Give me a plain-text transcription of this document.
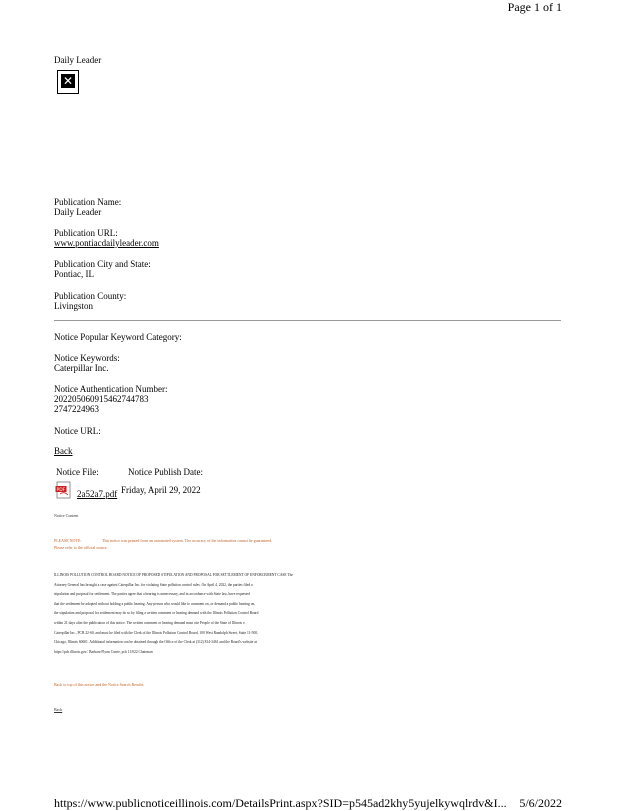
Page 1 of 1
Daily Leader
✕
Publication Name:
Daily Leader
Publication URL:
www.pontiacdailyleader.com
Publication City and State:
Pontiac, IL
Publication County:
Livingston
Notice Popular Keyword Category:
Notice Keywords:
Caterpillar Inc.
Notice Authentication Number:
202205060915462744783
2747224963
Notice URL:
Back
Notice File:	Notice Publish Date:
PDF 2a52a7.pdf Friday, April 29, 2022
Notice Content
PLEASE NOTE:	This notice was printed from an automated system. The accuracy of the information cannot be guaranteed.
Please refer to the official source.
ILLINOIS POLLUTION CONTROL BOARD NOTICE OF PROPOSED STIPULATION AND PROPOSAL FOR SETTLEMENT OF ENFORCEMENT CASE The
Attorney General has brought a case against Caterpillar Inc. for violating State pollution control rules. On April 4, 2022, the parties filed a
stipulation and proposal for settlement. The parties agree that a hearing is unnecessary, and in accordance with State law, have requested
that the settlement be adopted without holding a public hearing. Any person who would like to comment on, or demand a public hearing on,
the stipulation and proposal for settlement may do so by filing a written comment or hearing demand with the Illinois Pollution Control Board
within 21 days after the publication of this notice. The written comment or hearing demand must cite People of the State of Illinois v.
Caterpillar Inc., PCB 22-60, and must be filed with the Clerk of the Illinois Pollution Control Board, 100 West Randolph Street, Suite 11-500,
Chicago, Illinois 60601. Additional information can be obtained through the Office of the Clerk at (312) 814-3461 and the Board's website at
https://pcb.illinois.gov/. Barbara Flynn Currie, pcb 11/022 Chairman
Back to top of this notice and the Notice Search Results.
Back
https://www.publicnoticeillinois.com/DetailsPrint.aspx?SID=p545ad2khy5yujelkywqlrdv&I... 5/6/2022
